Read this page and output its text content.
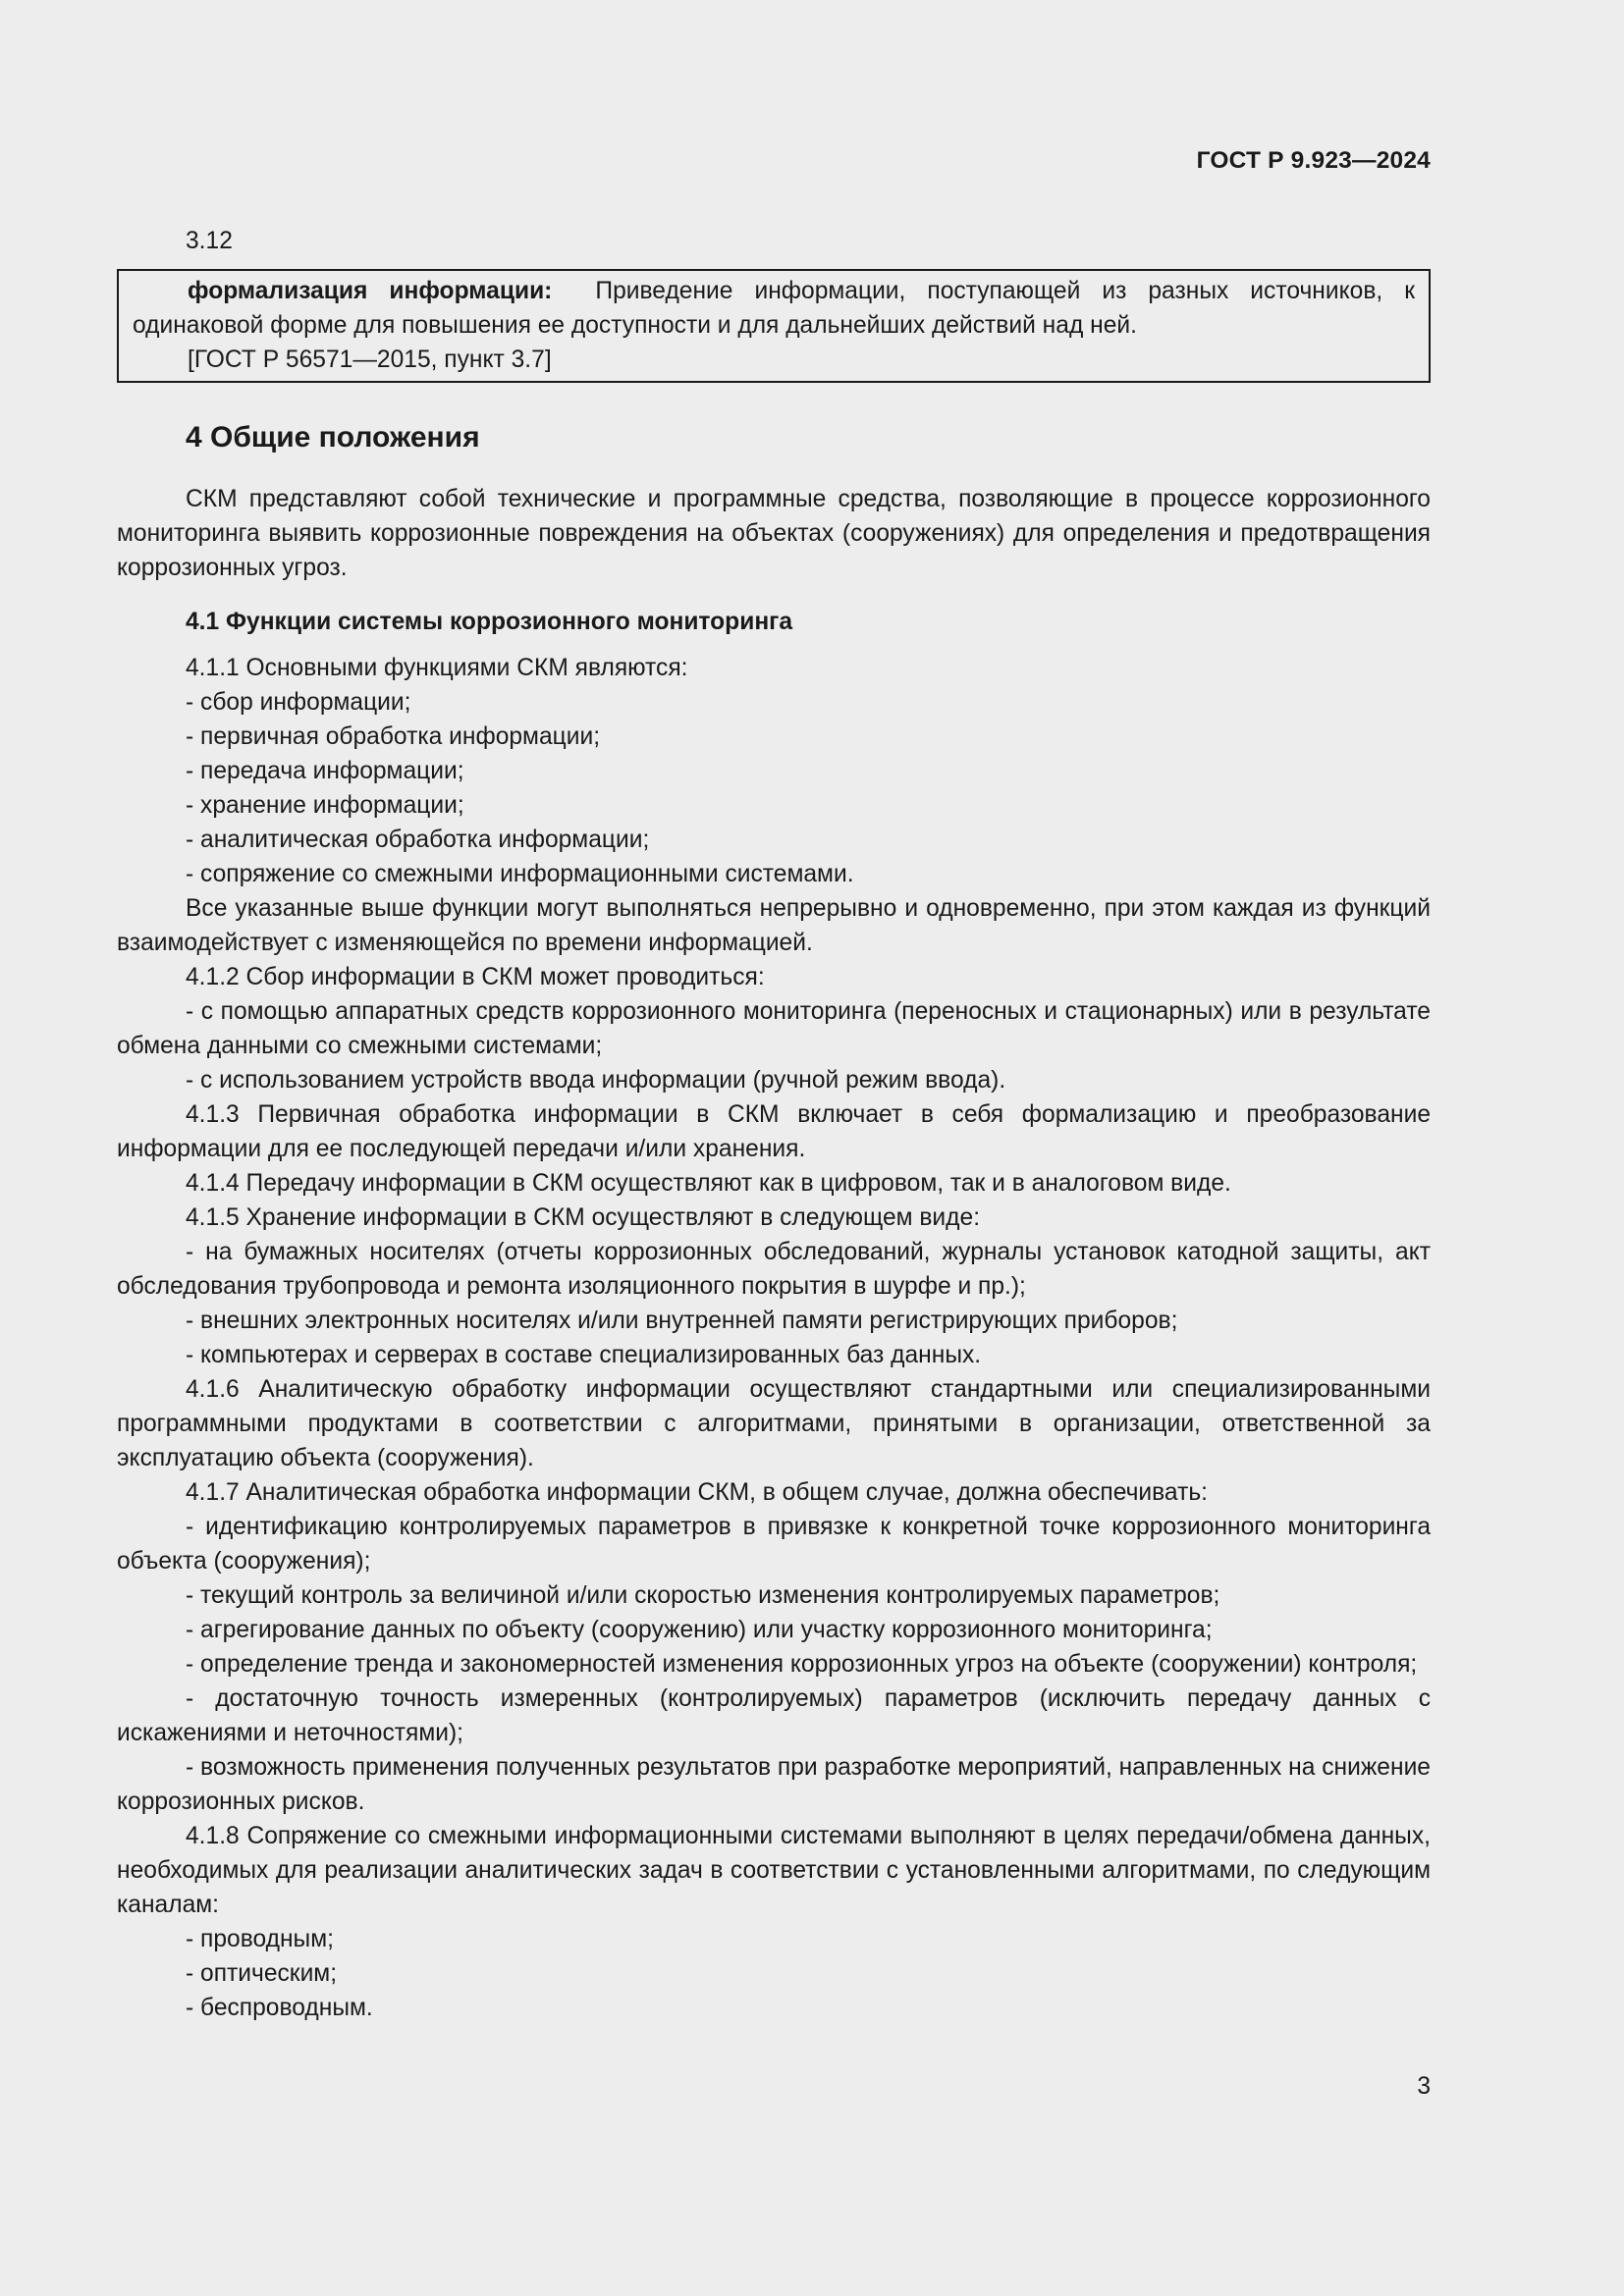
ГОСТ Р 9.923—2024
3.12

формализация информации: Приведение информации, поступающей из разных источников, к одинаковой форме для повышения ее доступности и для дальнейших действий над ней.

[ГОСТ Р 56571—2015, пункт 3.7]

4 Общие положения

СКМ представляют собой технические и программные средства, позволяющие в процессе коррозионного мониторинга выявить коррозионные повреждения на объектах (сооружениях) для определения и предотвращения коррозионных угроз.

4.1 Функции системы коррозионного мониторинга
4.1.1 Основными функциями СКМ являются:
- сбор информации;
- первичная обработка информации;
- передача информации;
- хранение информации;
- аналитическая обработка информации;
- сопряжение со смежными информационными системами.

Все указанные выше функции могут выполняться непрерывно и одновременно, при этом каждая из функций взаимодействует с изменяющейся по времени информацией.

4.1.2 Сбор информации в СКМ может проводиться:

- с помощью аппаратных средств коррозионного мониторинга (переносных и стационарных) или в результате обмена данными со смежными системами;

- с использованием устройств ввода информации (ручной режим ввода).

4.1.3 Первичная обработка информации в СКМ включает в себя формализацию и преобразование информации для ее последующей передачи и/или хранения.

4.1.4 Передачу информации в СКМ осуществляют как в цифровом, так и в аналоговом виде.

4.1.5 Хранение информации в СКМ осуществляют в следующем виде:

- на бумажных носителях (отчеты коррозионных обследований, журналы установок катодной защиты, акт обследования трубопровода и ремонта изоляционного покрытия в шурфе и пр.);

- внешних электронных носителях и/или внутренней памяти регистрирующих приборов;

- компьютерах и серверах в составе специализированных баз данных.

4.1.6 Аналитическую обработку информации осуществляют стандартными или специализированными программными продуктами в соответствии с алгоритмами, принятыми в организации, ответственной за эксплуатацию объекта (сооружения).

4.1.7 Аналитическая обработка информации СКМ, в общем случае, должна обеспечивать:

- идентификацию контролируемых параметров в привязке к конкретной точке коррозионного мониторинга объекта (сооружения);

- текущий контроль за величиной и/или скоростью изменения контролируемых параметров;

- агрегирование данных по объекту (сооружению) или участку коррозионного мониторинга;

- определение тренда и закономерностей изменения коррозионных угроз на объекте (сооружении) контроля;

- достаточную точность измеренных (контролируемых) параметров (исключить передачу данных с искажениями и неточностями);

- возможность применения полученных результатов при разработке мероприятий, направленных на снижение коррозионных рисков.

4.1.8 Сопряжение со смежными информационными системами выполняют в целях передачи/обмена данных, необходимых для реализации аналитических задач в соответствии с установленными алгоритмами, по следующим каналам:

- проводным;
- оптическим;
- беспроводным.
3
